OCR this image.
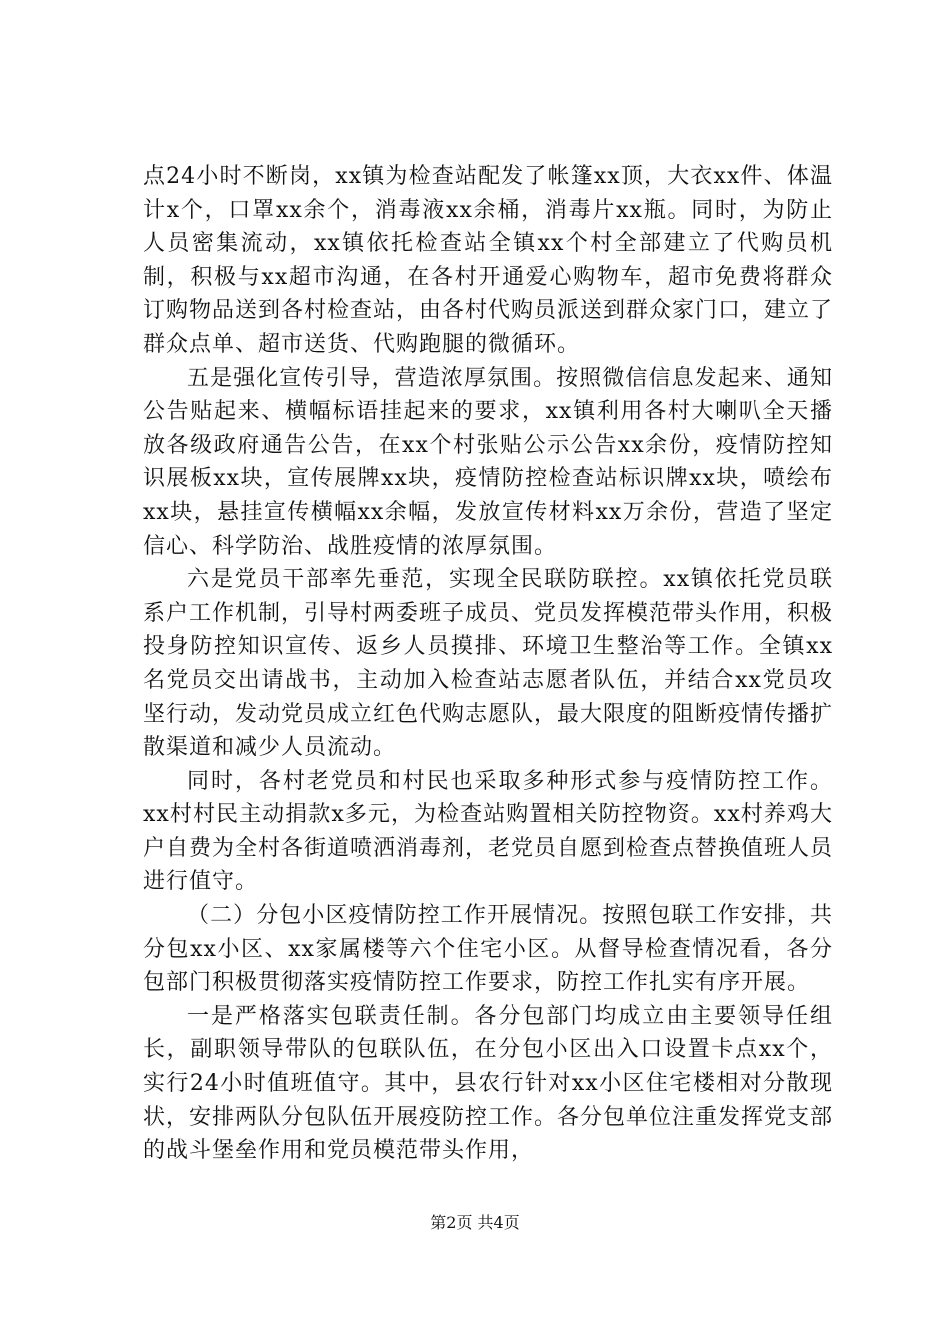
点24小时不断岗，xx镇为检查站配发了帐篷xx顶，大衣xx件、体温计x个，口罩xx余个，消毒液xx余桶，消毒片xx瓶。同时，为防止人员密集流动，xx镇依托检查站全镇xx个村全部建立了代购员机制，积极与xx超市沟通，在各村开通爱心购物车，超市免费将群众订购物品送到各村检查站，由各村代购员派送到群众家门口，建立了群众点单、超市送货、代购跑腿的微循环。

五是强化宣传引导，营造浓厚氛围。按照微信信息发起来、通知公告贴起来、横幅标语挂起来的要求，xx镇利用各村大喇叭全天播放各级政府通告公告，在xx个村张贴公示公告xx余份，疫情防控知识展板xx块，宣传展牌xx块，疫情防控检查站标识牌xx块，喷绘布xx块，悬挂宣传横幅xx余幅，发放宣传材料xx万余份，营造了坚定信心、科学防治、战胜疫情的浓厚氛围。

六是党员干部率先垂范，实现全民联防联控。xx镇依托党员联系户工作机制，引导村两委班子成员、党员发挥模范带头作用，积极投身防控知识宣传、返乡人员摸排、环境卫生整治等工作。全镇xx名党员交出请战书，主动加入检查站志愿者队伍，并结合xx党员攻坚行动，发动党员成立红色代购志愿队，最大限度的阻断疫情传播扩散渠道和减少人员流动。

同时，各村老党员和村民也采取多种形式参与疫情防控工作。xx村村民主动捐款x多元，为检查站购置相关防控物资。xx村养鸡大户自费为全村各街道喷洒消毒剂，老党员自愿到检查点替换值班人员进行值守。

（二）分包小区疫情防控工作开展情况。按照包联工作安排，共分包xx小区、xx家属楼等六个住宅小区。从督导检查情况看，各分包部门积极贯彻落实疫情防控工作要求，防控工作扎实有序开展。

一是严格落实包联责任制。各分包部门均成立由主要领导任组长，副职领导带队的包联队伍，在分包小区出入口设置卡点xx个，实行24小时值班值守。其中，县农行针对xx小区住宅楼相对分散现状，安排两队分包队伍开展疫防控工作。各分包单位注重发挥党支部的战斗堡垒作用和党员模范带头作用，

第2页 共4页
